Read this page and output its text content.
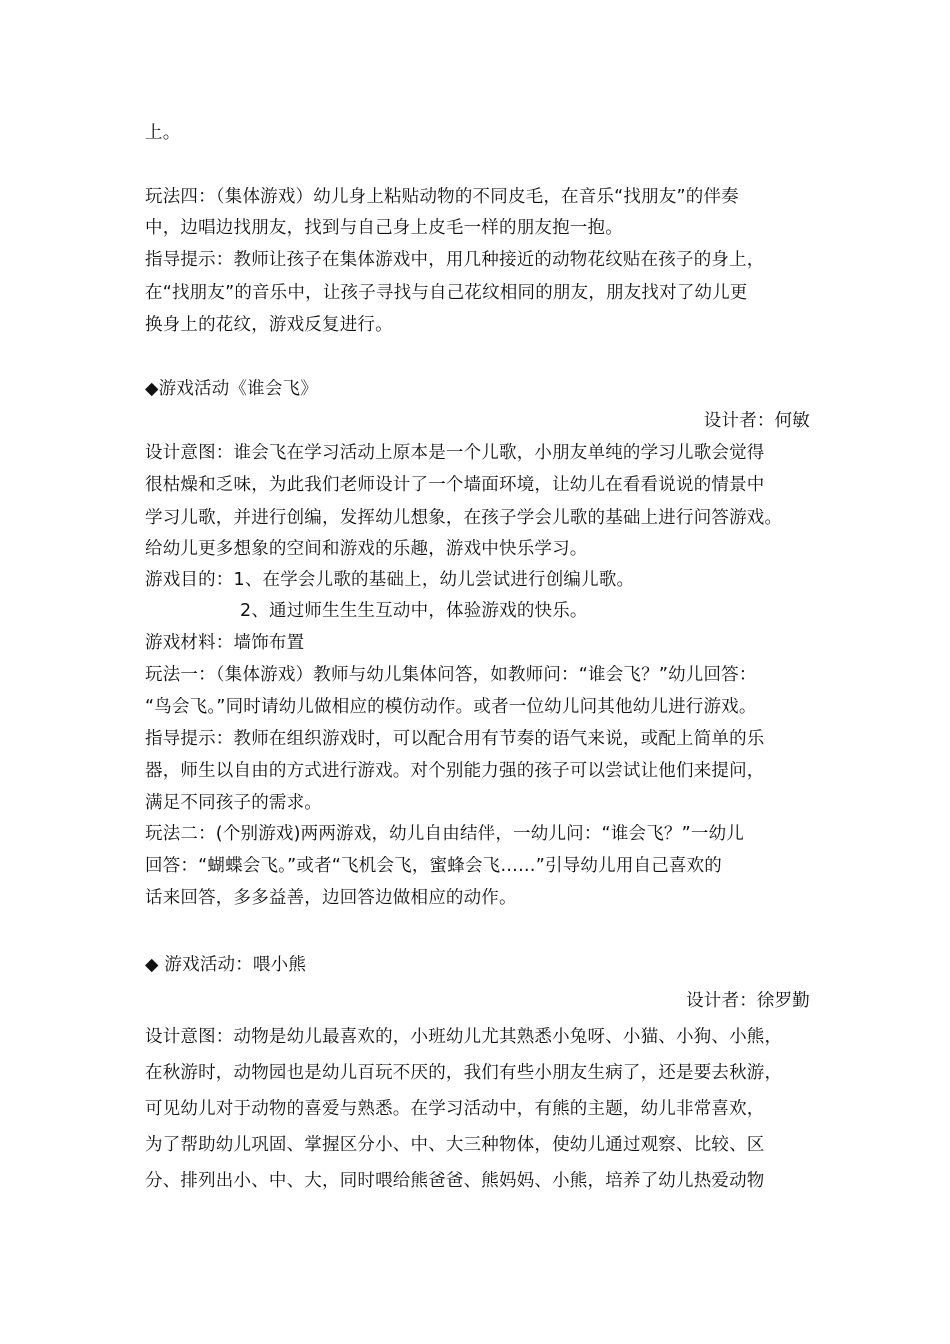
上。
玩法四：（集体游戏）幼儿身上粘贴动物的不同皮毛，在音乐“找朋友”的伴奏
中，边唱边找朋友，找到与自己身上皮毛一样的朋友抱一抱。
指导提示：教师让孩子在集体游戏中，用几种接近的动物花纹贴在孩子的身上，
在“找朋友”的音乐中，让孩子寻找与自己花纹相同的朋友，朋友找对了幼儿更
换身上的花纹，游戏反复进行。
◆游戏活动《谁会飞》
设计者：何敏
设计意图：谁会飞在学习活动上原本是一个儿歌，小朋友单纯的学习儿歌会觉得
很枯燥和乏味，为此我们老师设计了一个墙面环境，让幼儿在看看说说的情景中
学习儿歌，并进行创编，发挥幼儿想象，在孩子学会儿歌的基础上进行问答游戏。
给幼儿更多想象的空间和游戏的乐趣，游戏中快乐学习。
游戏目的：1、在学会儿歌的基础上，幼儿尝试进行创编儿歌。
2、通过师生生生互动中，体验游戏的快乐。
游戏材料：墙饰布置
玩法一：（集体游戏）教师与幼儿集体问答，如教师问：“谁会飞？”幼儿回答：
“鸟会飞。”同时请幼儿做相应的模仿动作。或者一位幼儿问其他幼儿进行游戏。
指导提示：教师在组织游戏时，可以配合用有节奏的语气来说，或配上简单的乐
器，师生以自由的方式进行游戏。对个别能力强的孩子可以尝试让他们来提问，
满足不同孩子的需求。
玩法二：(个别游戏)两两游戏，幼儿自由结伴，一幼儿问：“谁会飞？”一幼儿
回答：“蝴蝶会飞。”或者“飞机会飞，蜜蜂会飞……”引导幼儿用自己喜欢的
话来回答，多多益善，边回答边做相应的动作。
◆ 游戏活动：喂小熊
设计者：徐罗勤
设计意图：动物是幼儿最喜欢的，小班幼儿尤其熟悉小兔呀、小猫、小狗、小熊，
在秋游时，动物园也是幼儿百玩不厌的，我们有些小朋友生病了，还是要去秋游，
可见幼儿对于动物的喜爱与熟悉。在学习活动中，有熊的主题，幼儿非常喜欢，
为了帮助幼儿巩固、掌握区分小、中、大三种物体，使幼儿通过观察、比较、区
分、排列出小、中、大，同时喂给熊爸爸、熊妈妈、小熊，培养了幼儿热爱动物
